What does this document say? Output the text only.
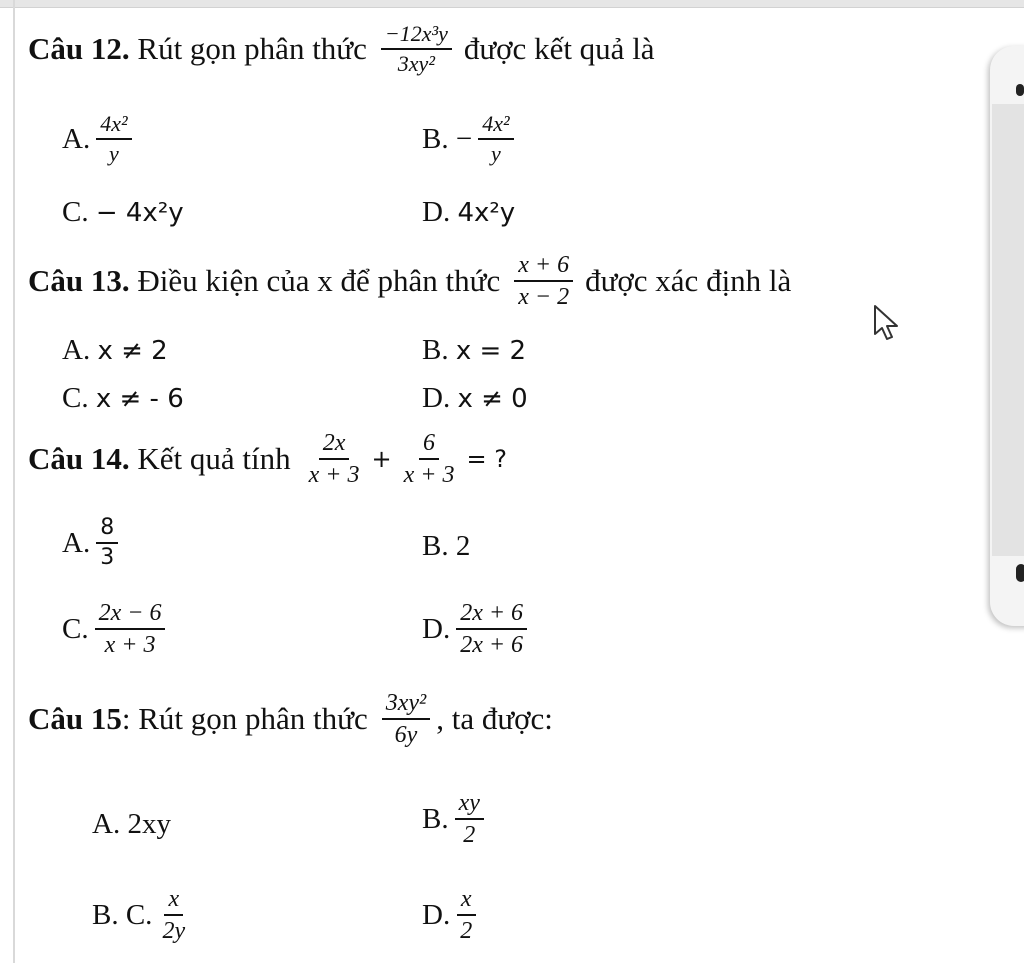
Câu 12.
Rút gọn phân thức $\frac{\text{−12x³y}}{\text{3xy²}}$ được kết quả là
A. $\frac{\text{4x²}}{y}$	B.
− $\frac{\text{4x²}}{y}$
C.
− 4x²y	D.
4x²y
Câu 13.
Điều kiện của x để phân thức $\frac{x + 6}{x - 2}$ được xác định là
A.
x ≠ 2	B.
x = 2
C.
x ≠ - 6	D.
x ≠ 0
Câu 14.
Kết quả tính $\frac{2x}{x + 3} + \frac{6}{x + 3}$ = ?
A. $\frac{8}{3}$	B.
2
C. $\frac{2x - 6}{x + 3}$	D. $\frac{2x + 6}{2x + 6}$
Câu 15 : Rút gọn phân thức $\frac{\text{3xy²}}{6y}$ , ta được:
A.
2xy	B. $\frac{xy}{2}$
B. C. $\frac{x}{2y}$	D. $\frac{x}{2}$
